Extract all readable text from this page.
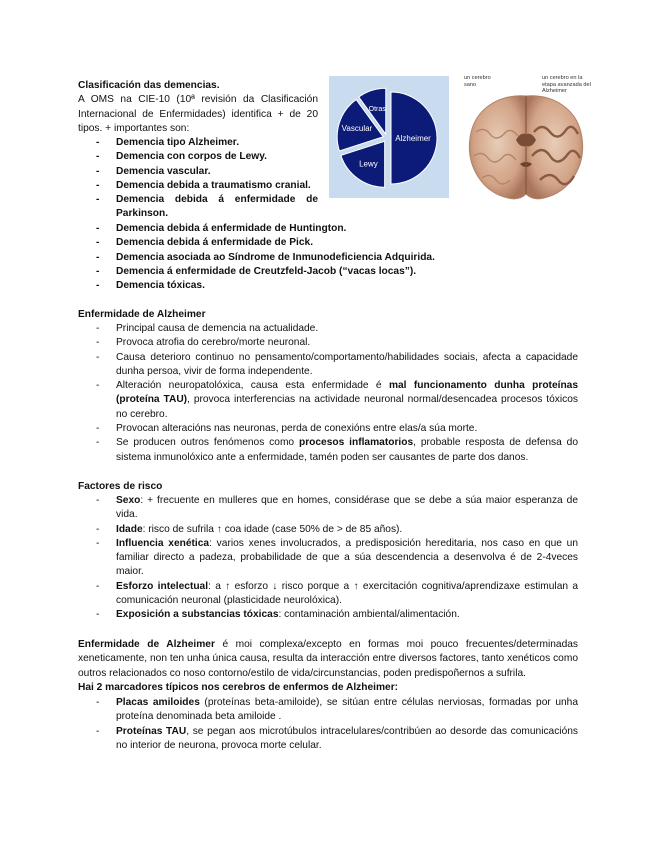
Clasificación das demencias.

A OMS na CIE-10 (10ª revisión da Clasificación Internacional de Enfermidades) identifica + de 20 tipos. + importantes son:

- Demencia tipo Alzheimer.
- Demencia con corpos de Lewy.
- Demencia vascular.
- Demencia debida a traumatismo cranial.
- Demencia debida á enfermidade de Parkinson.
- Demencia debida á enfermidade de Huntington.
- Demencia debida á enfermidade de Pick.
- Demencia asociada ao Síndrome de Inmunodeficiencia Adquirida.
- Demencia á enfermidade de Creutzfeld-Jacob (“vacas locas”).
- Demencia tóxicas.
Alzheimer
Lewy
Vascular
Otras
un cerebro sano
un cerebro en la etapa avanzada del Alzheimer

Enfermidade de Alzheimer

- Principal causa de demencia na actualidade.
- Provoca atrofia do cerebro/morte neuronal.
- Causa deterioro continuo no pensamento/comportamento/habilidades sociais, afecta a capacidade dunha persoa, vivir de forma independente.
- Alteración neuropatolóxica, causa esta enfermidade é mal funcionamento dunha proteínas (proteína TAU), provoca interferencias na actividade neuronal normal/desencadea procesos tóxicos no cerebro.
- Provocan alteracións nas neuronas, perda de conexións entre elas/a súa morte.
- Se producen outros fenómenos como procesos inflamatorios, probable resposta de defensa do sistema inmunolóxico ante a enfermidade, tamén poden ser causantes de parte dos danos.

Factores de risco

- Sexo: + frecuente en mulleres que en homes, considérase que se debe a súa maior esperanza de vida.
- Idade: risco de sufrila ↑ coa idade (case 50% de > de 85 años).
- Influencia xenética: varios xenes involucrados, a predisposición hereditaria, nos caso en que un familiar directo a padeza, probabilidade de que a súa descendencia a desenvolva é de 2-4veces maior.
- Esforzo intelectual: a ↑ esforzo ↓ risco porque a ↑ exercitación cognitiva/aprendizaxe estimulan a comunicación neuronal (plasticidade neurolóxica).
- Exposición a substancias tóxicas: contaminación ambiental/alimentación.

Enfermidade de Alzheimer é moi complexa/excepto en formas moi pouco frecuentes/determinadas xeneticamente, non ten unha única causa, resulta da interacción entre diversos factores, tanto xenéticos como outros relacionados co noso contorno/estilo de vida/circunstancias, poden predispoñernos a sufrila.

Hai 2 marcadores típicos nos cerebros de enfermos de Alzheimer:

- Placas amiloides (proteínas beta-amiloide), se sitúan entre células nerviosas, formadas por unha proteína denominada beta amiloide .
- Proteínas TAU, se pegan aos microtúbulos intracelulares/contribúen ao desorde das comunicacións no interior de neurona, provoca morte celular.
